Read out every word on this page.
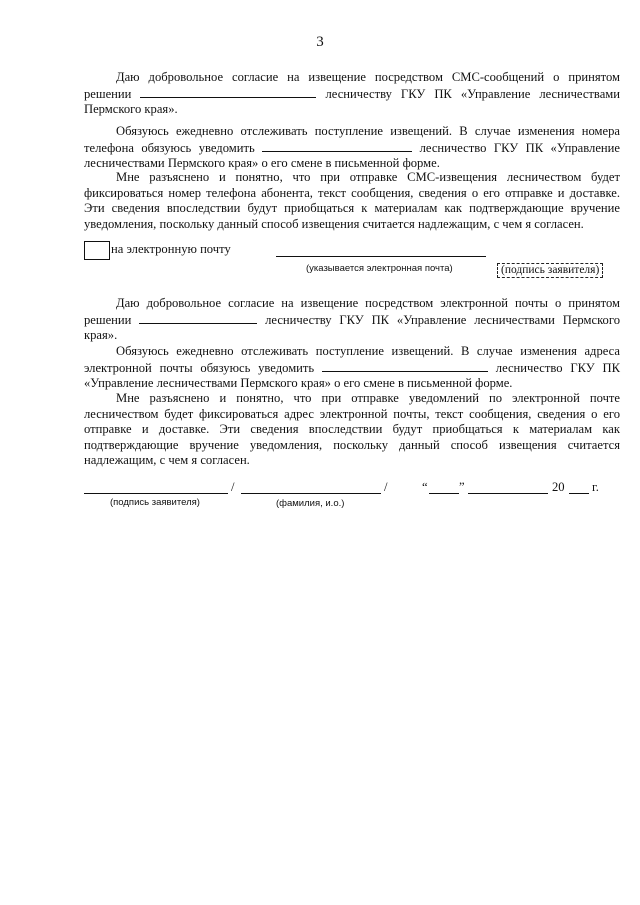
3
Даю добровольное согласие на извещение посредством СМС-сообщений о принятом решении	лесничеству ГКУ ПК «Управление лесничествами Пермского края».
Обязуюсь ежедневно отслеживать поступление извещений. В случае изменения номера телефона обязуюсь уведомить	лесничество ГКУ ПК «Управление лесничествами Пермского края» о его смене в письменной форме.
Мне разъяснено и понятно, что при отправке СМС-извещения лесничеством будет фиксироваться номер телефона абонента, текст сообщения, сведения о его отправке и доставке. Эти сведения впоследствии будут приобщаться к материалам как подтверждающие вручение уведомления, поскольку данный способ извещения считается надлежащим, с чем я согласен.
на электронную почту
(указывается электронная почта)	(подпись заявителя)
Даю добровольное согласие на извещение посредством электронной почты о принятом решении	лесничеству ГКУ ПК «Управление лесничествами Пермского края».
Обязуюсь ежедневно отслеживать поступление извещений. В случае изменения адреса электронной почты обязуюсь уведомить	лесничество ГКУ ПК «Управление лесничествами Пермского края» о его смене в письменной форме.
Мне разъяснено и понятно, что при отправке уведомлений по электронной почте лесничеством будет фиксироваться адрес электронной почты, текст сообщения, сведения о его отправке и доставке. Эти сведения впоследствии будут приобщаться к материалам как подтверждающие вручение уведомления, поскольку данный способ извещения считается надлежащим, с чем я согласен.
/	/	“ ”	20 г.
(подпись заявителя)	(фамилия, и.о.)
